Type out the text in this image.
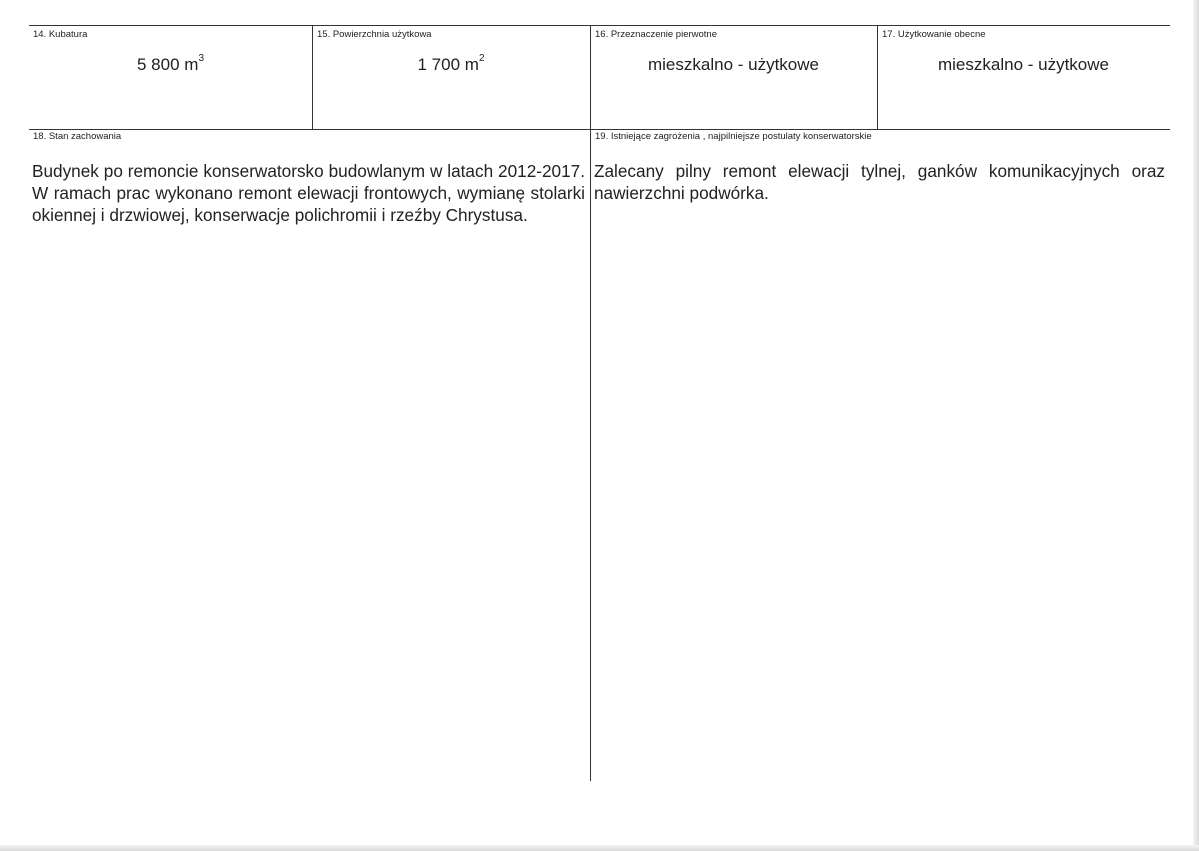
14. Kubatura
5 800 $m^3$
15. Powierzchnia użytkowa
1 700 $m^2$
16. Przeznaczenie pierwotne
mieszkalno - użytkowe
17. Użytkowanie obecne
mieszkalno - użytkowe
18. Stan zachowania
Budynek po remoncie konserwatorsko budowlanym w latach 2012-2017. W ramach prac wykonano remont elewacji frontowych, wymianę stolarki okiennej i drzwiowej, konserwacje polichromii i rzeźby Chrystusa.
19. Istniejące zagrożenia , najpilniejsze postulaty konserwatorskie
Zalecany pilny remont elewacji tylnej, ganków komunikacyjnych oraz nawierzchni podwórka.
